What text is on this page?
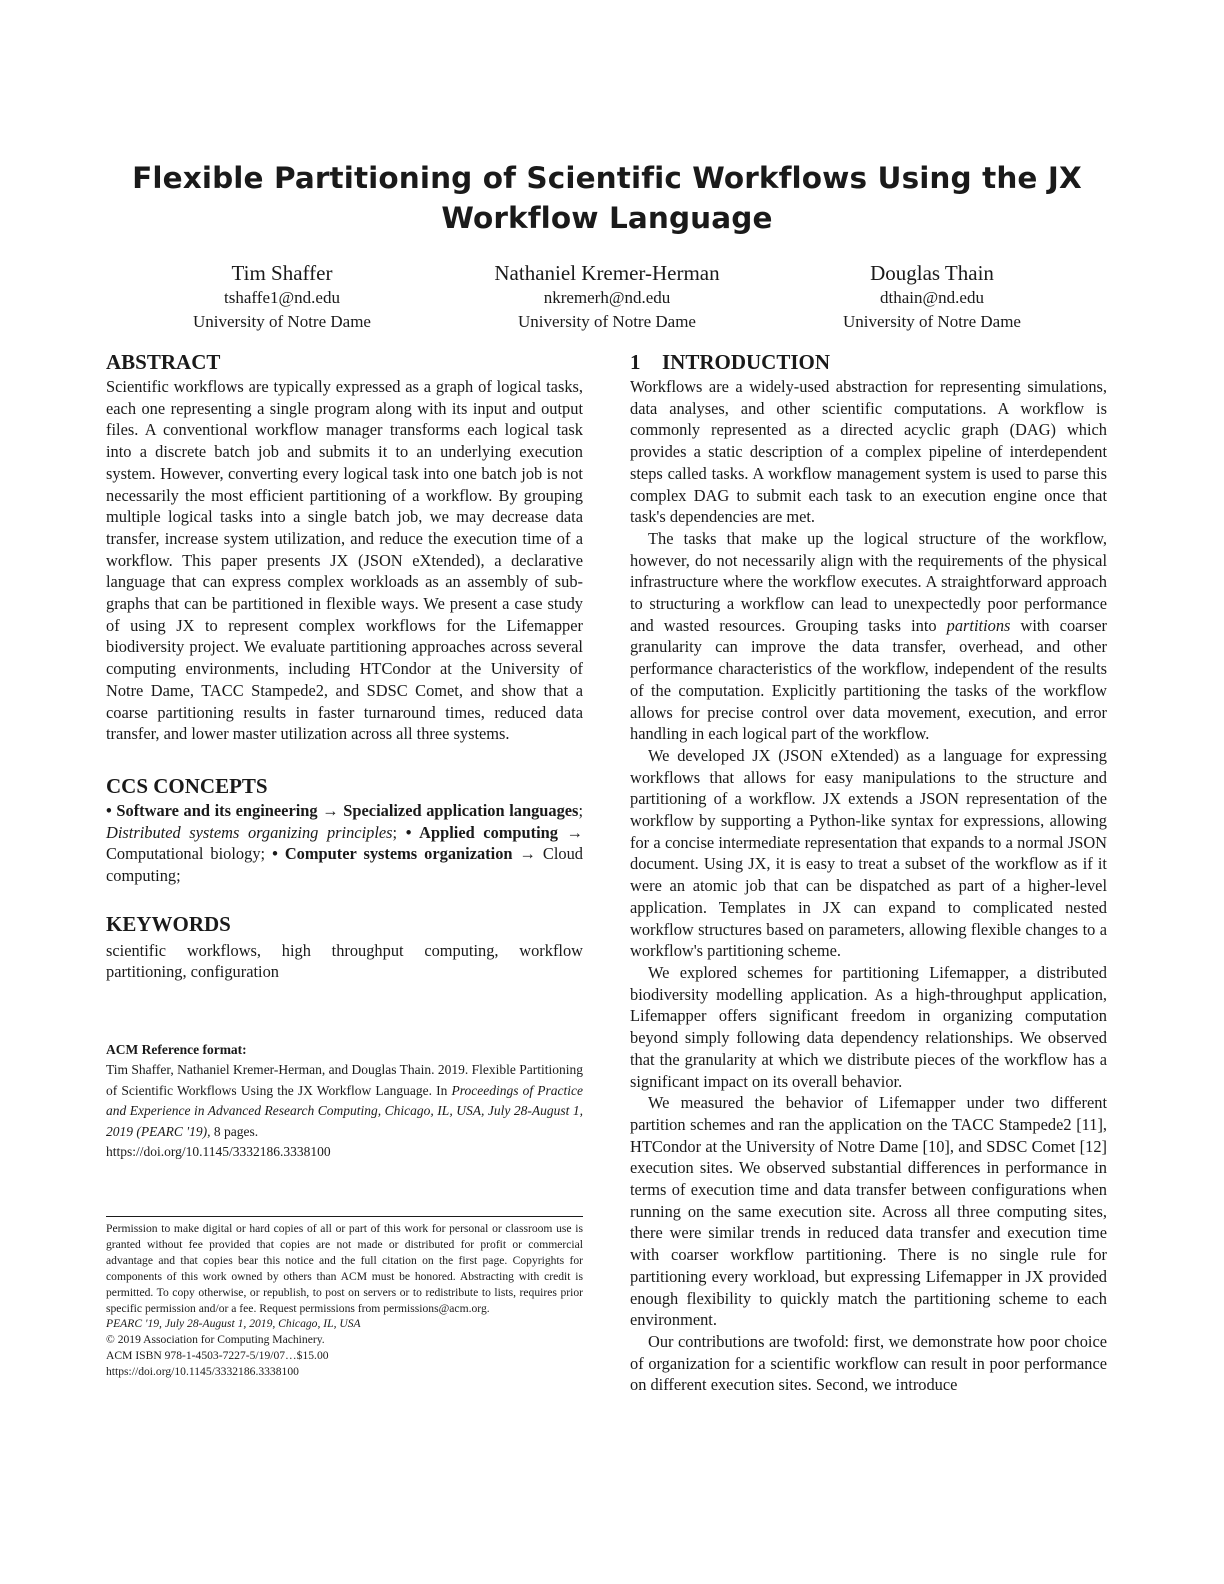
Flexible Partitioning of Scientific Workflows Using the JX Workflow Language
Tim Shaffer
tshaffe1@nd.edu
University of Notre Dame
Nathaniel Kremer-Herman
nkremerh@nd.edu
University of Notre Dame
Douglas Thain
dthain@nd.edu
University of Notre Dame
ABSTRACT

Scientific workflows are typically expressed as a graph of logical tasks, each one representing a single program along with its input and output files. A conventional workflow manager transforms each logical task into a discrete batch job and submits it to an underlying execution system. However, converting every logical task into one batch job is not necessarily the most efficient partitioning of a workflow. By grouping multiple logical tasks into a single batch job, we may decrease data transfer, increase system utilization, and reduce the execution time of a workflow. This paper presents JX (JSON eXtended), a declarative language that can express complex workloads as an assembly of sub-graphs that can be partitioned in flexible ways. We present a case study of using JX to represent complex workflows for the Lifemapper biodiversity project. We evaluate partitioning approaches across several computing environments, including HTCondor at the University of Notre Dame, TACC Stampede2, and SDSC Comet, and show that a coarse partitioning results in faster turnaround times, reduced data transfer, and lower master utilization across all three systems.

CCS CONCEPTS

• Software and its engineering → Specialized application languages; Distributed systems organizing principles; • Applied computing → Computational biology; • Computer systems organization → Cloud computing;

KEYWORDS

scientific workflows, high throughput computing, workflow partitioning, configuration

ACM Reference format:
Tim Shaffer, Nathaniel Kremer-Herman, and Douglas Thain. 2019. Flexible Partitioning of Scientific Workflows Using the JX Workflow Language. In Proceedings of Practice and Experience in Advanced Research Computing, Chicago, IL, USA, July 28-August 1, 2019 (PEARC '19), 8 pages.
https://doi.org/10.1145/3332186.3338100
Permission to make digital or hard copies of all or part of this work for personal or classroom use is granted without fee provided that copies are not made or distributed for profit or commercial advantage and that copies bear this notice and the full citation on the first page. Copyrights for components of this work owned by others than ACM must be honored. Abstracting with credit is permitted. To copy otherwise, or republish, to post on servers or to redistribute to lists, requires prior specific permission and/or a fee. Request permissions from permissions@acm.org.
PEARC '19, July 28-August 1, 2019, Chicago, IL, USA
© 2019 Association for Computing Machinery.
ACM ISBN 978-1-4503-7227-5/19/07…$15.00
https://doi.org/10.1145/3332186.3338100
1 INTRODUCTION

Workflows are a widely-used abstraction for representing simulations, data analyses, and other scientific computations. A workflow is commonly represented as a directed acyclic graph (DAG) which provides a static description of a complex pipeline of interdependent steps called tasks. A workflow management system is used to parse this complex DAG to submit each task to an execution engine once that task's dependencies are met.

The tasks that make up the logical structure of the workflow, however, do not necessarily align with the requirements of the physical infrastructure where the workflow executes. A straightforward approach to structuring a workflow can lead to unexpectedly poor performance and wasted resources. Grouping tasks into partitions with coarser granularity can improve the data transfer, overhead, and other performance characteristics of the workflow, independent of the results of the computation. Explicitly partitioning the tasks of the workflow allows for precise control over data movement, execution, and error handling in each logical part of the workflow.

We developed JX (JSON eXtended) as a language for expressing workflows that allows for easy manipulations to the structure and partitioning of a workflow. JX extends a JSON representation of the workflow by supporting a Python-like syntax for expressions, allowing for a concise intermediate representation that expands to a normal JSON document. Using JX, it is easy to treat a subset of the workflow as if it were an atomic job that can be dispatched as part of a higher-level application. Templates in JX can expand to complicated nested workflow structures based on parameters, allowing flexible changes to a workflow's partitioning scheme.

We explored schemes for partitioning Lifemapper, a distributed biodiversity modelling application. As a high-throughput application, Lifemapper offers significant freedom in organizing computation beyond simply following data dependency relationships. We observed that the granularity at which we distribute pieces of the workflow has a significant impact on its overall behavior.

We measured the behavior of Lifemapper under two different partition schemes and ran the application on the TACC Stampede2 [11], HTCondor at the University of Notre Dame [10], and SDSC Comet [12] execution sites. We observed substantial differences in performance in terms of execution time and data transfer between configurations when running on the same execution site. Across all three computing sites, there were similar trends in reduced data transfer and execution time with coarser workflow partitioning. There is no single rule for partitioning every workload, but expressing Lifemapper in JX provided enough flexibility to quickly match the partitioning scheme to each environment.

Our contributions are twofold: first, we demonstrate how poor choice of organization for a scientific workflow can result in poor performance on different execution sites. Second, we introduce
